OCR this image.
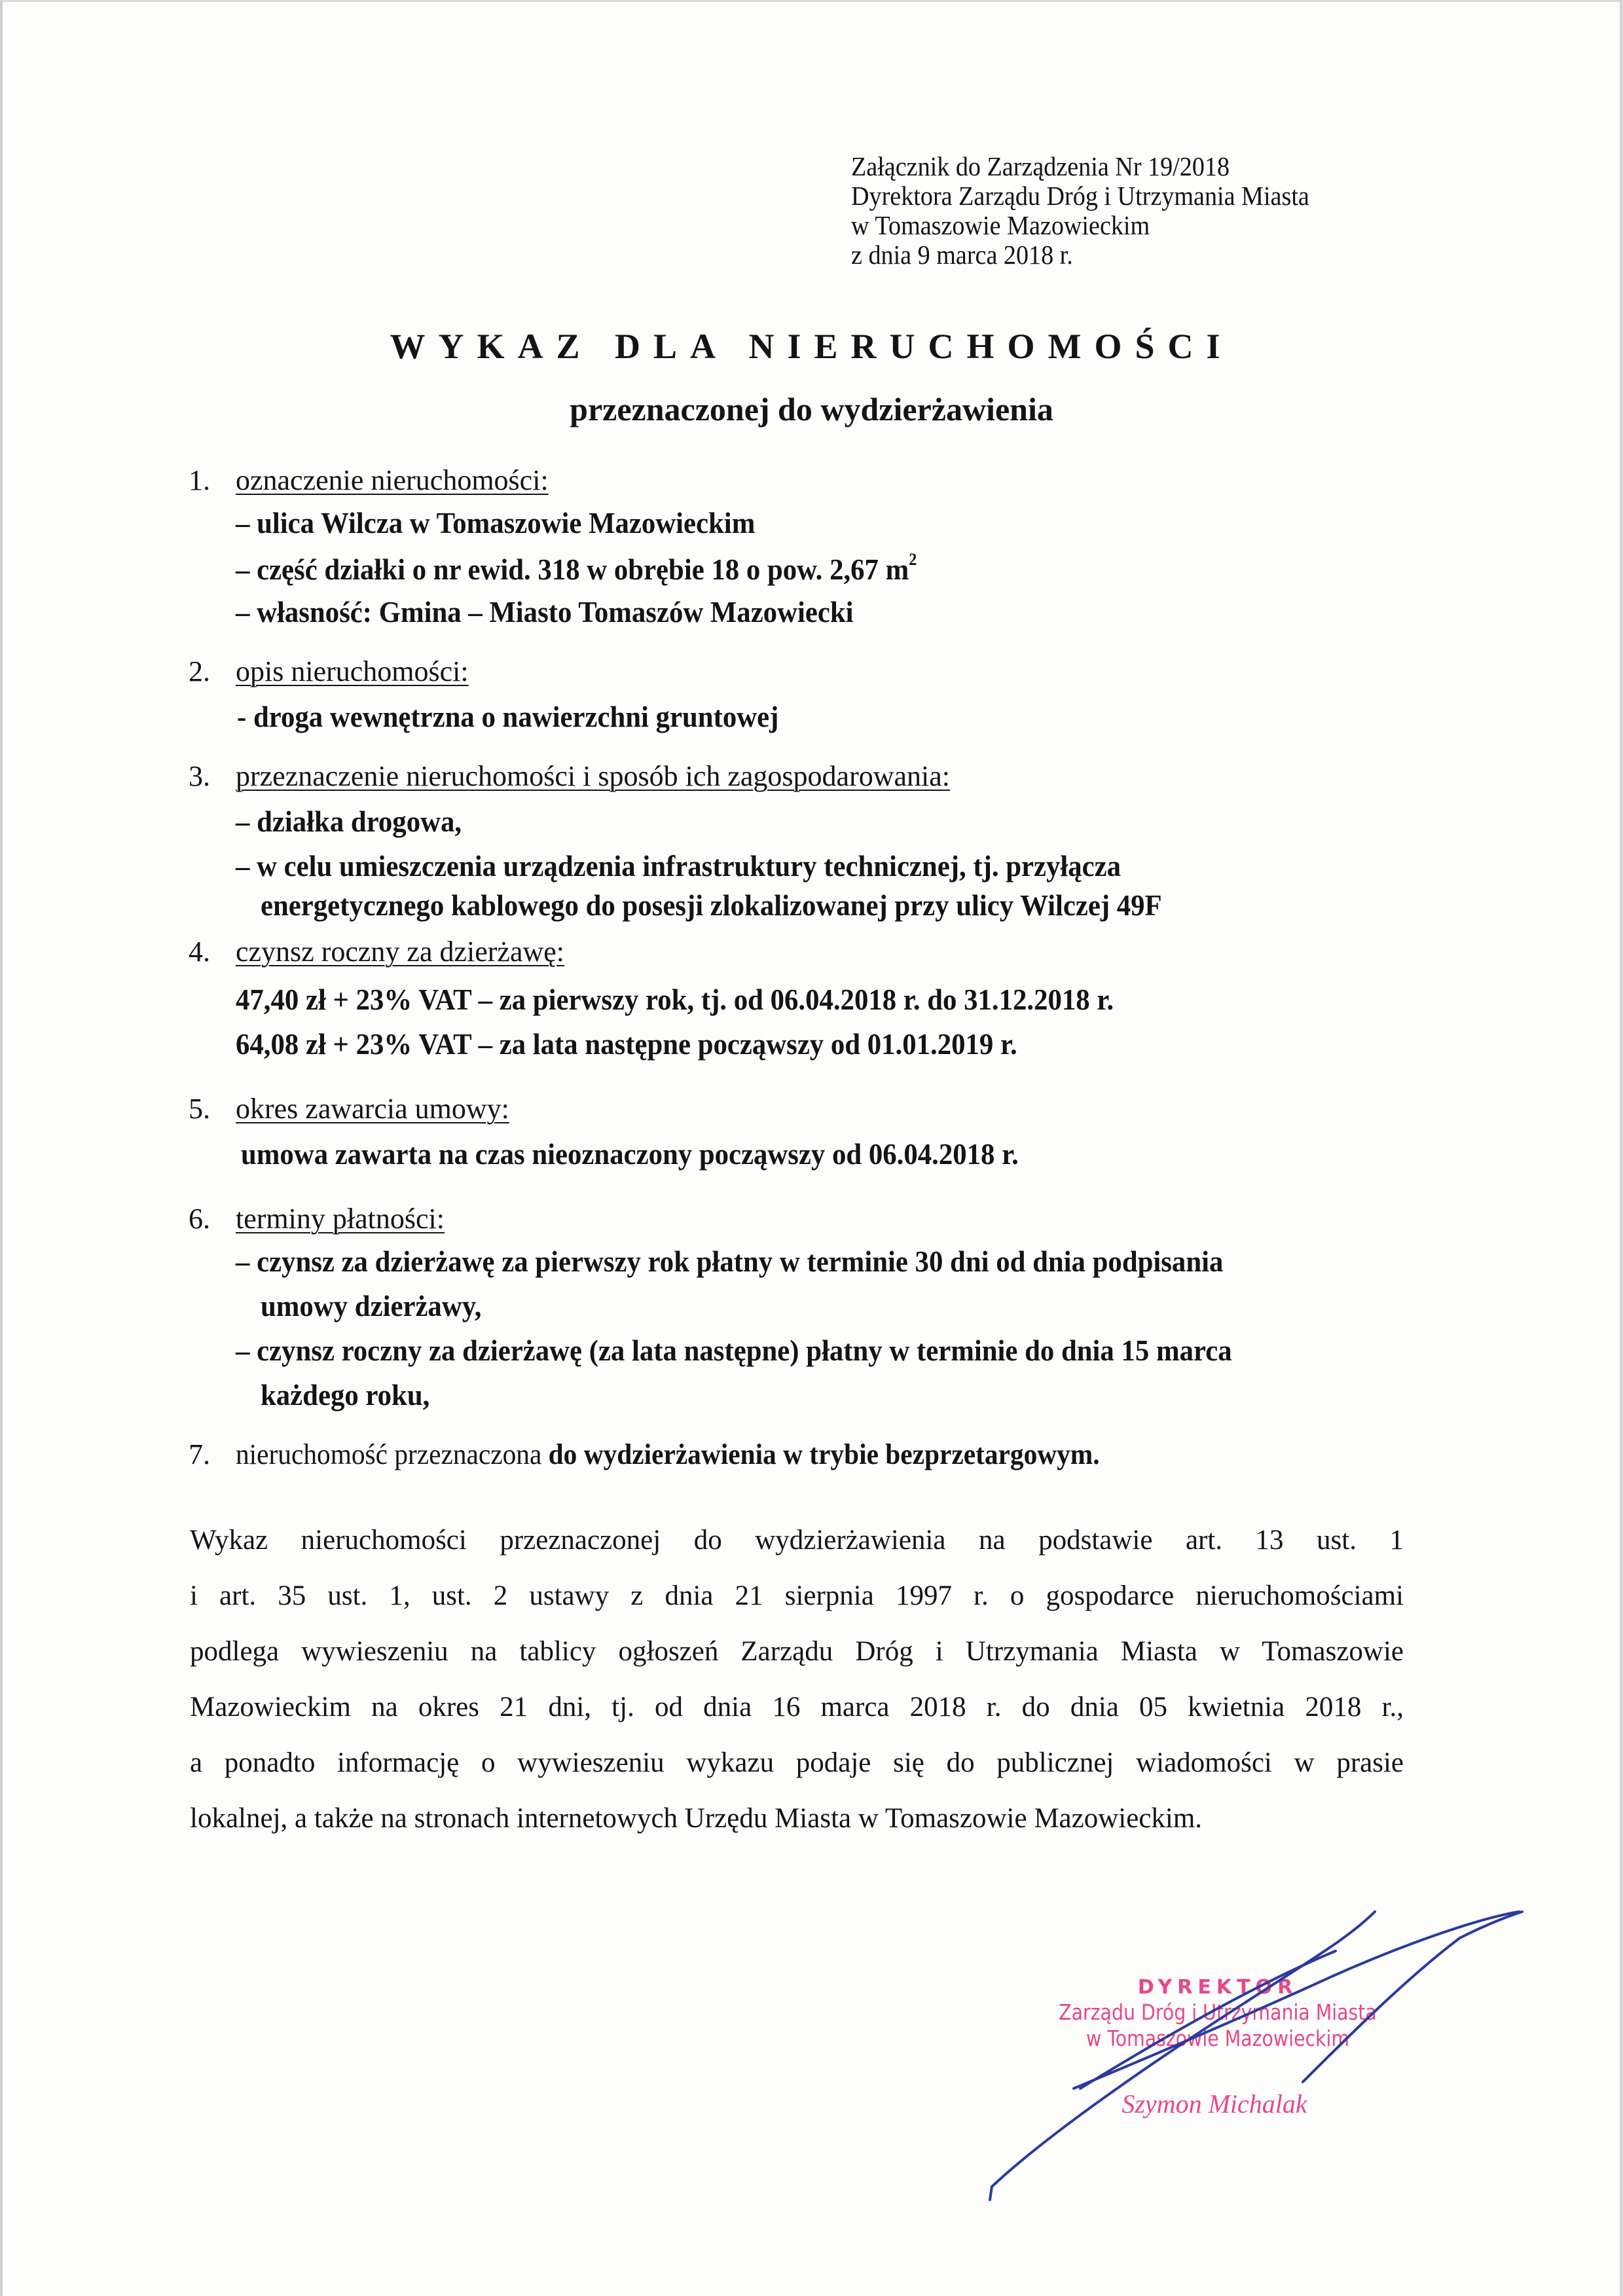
Załącznik do Zarządzenia Nr 19/2018
Dyrektora Zarządu Dróg i Utrzymania Miasta
w Tomaszowie Mazowieckim
z dnia 9 marca 2018 r.
WYKAZ DLA NIERUCHOMOŚCI
przeznaczonej do wydzierżawienia
1. oznaczenie nieruchomości:
– ulica Wilcza w Tomaszowie Mazowieckim
– część działki o nr ewid. 318 w obrębie 18 o pow. 2,67 $m^2$
– własność: Gmina – Miasto Tomaszów Mazowiecki
2. opis nieruchomości:
- droga wewnętrzna o nawierzchni gruntowej
3. przeznaczenie nieruchomości i sposób ich zagospodarowania:
– działka drogowa,
– w celu umieszczenia urządzenia infrastruktury technicznej, tj. przyłącza
energetycznego kablowego do posesji zlokalizowanej przy ulicy Wilczej 49F
4. czynsz roczny za dzierżawę:
47,40 zł + 23% VAT – za pierwszy rok, tj. od 06.04.2018 r. do 31.12.2018 r.
64,08 zł + 23% VAT – za lata następne począwszy od 01.01.2019 r.
5. okres zawarcia umowy:
umowa zawarta na czas nieoznaczony począwszy od 06.04.2018 r.
6. terminy płatności:
– czynsz za dzierżawę za pierwszy rok płatny w terminie 30 dni od dnia podpisania
umowy dzierżawy,
– czynsz roczny za dzierżawę (za lata następne) płatny w terminie do dnia 15 marca
każdego roku,
7. nieruchomość przeznaczona do wydzierżawienia w trybie bezprzetargowym.
Wykaz nieruchomości przeznaczonej do wydzierżawienia na podstawie art. 13 ust. 1
i art. 35 ust. 1, ust. 2 ustawy z dnia 21 sierpnia 1997 r. o gospodarce nieruchomościami
podlega wywieszeniu na tablicy ogłoszeń Zarządu Dróg i Utrzymania Miasta w Tomaszowie
Mazowieckim na okres 21 dni, tj. od dnia 16 marca 2018 r. do dnia 05 kwietnia 2018 r.,
a ponadto informację o wywieszeniu wykazu podaje się do publicznej wiadomości w prasie
lokalnej, a także na stronach internetowych Urzędu Miasta w Tomaszowie Mazowieckim.
DYREKTOR
Zarządu Dróg i Utrzymania Miasta
w Tomaszowie Mazowieckim
Szymon Michalak
